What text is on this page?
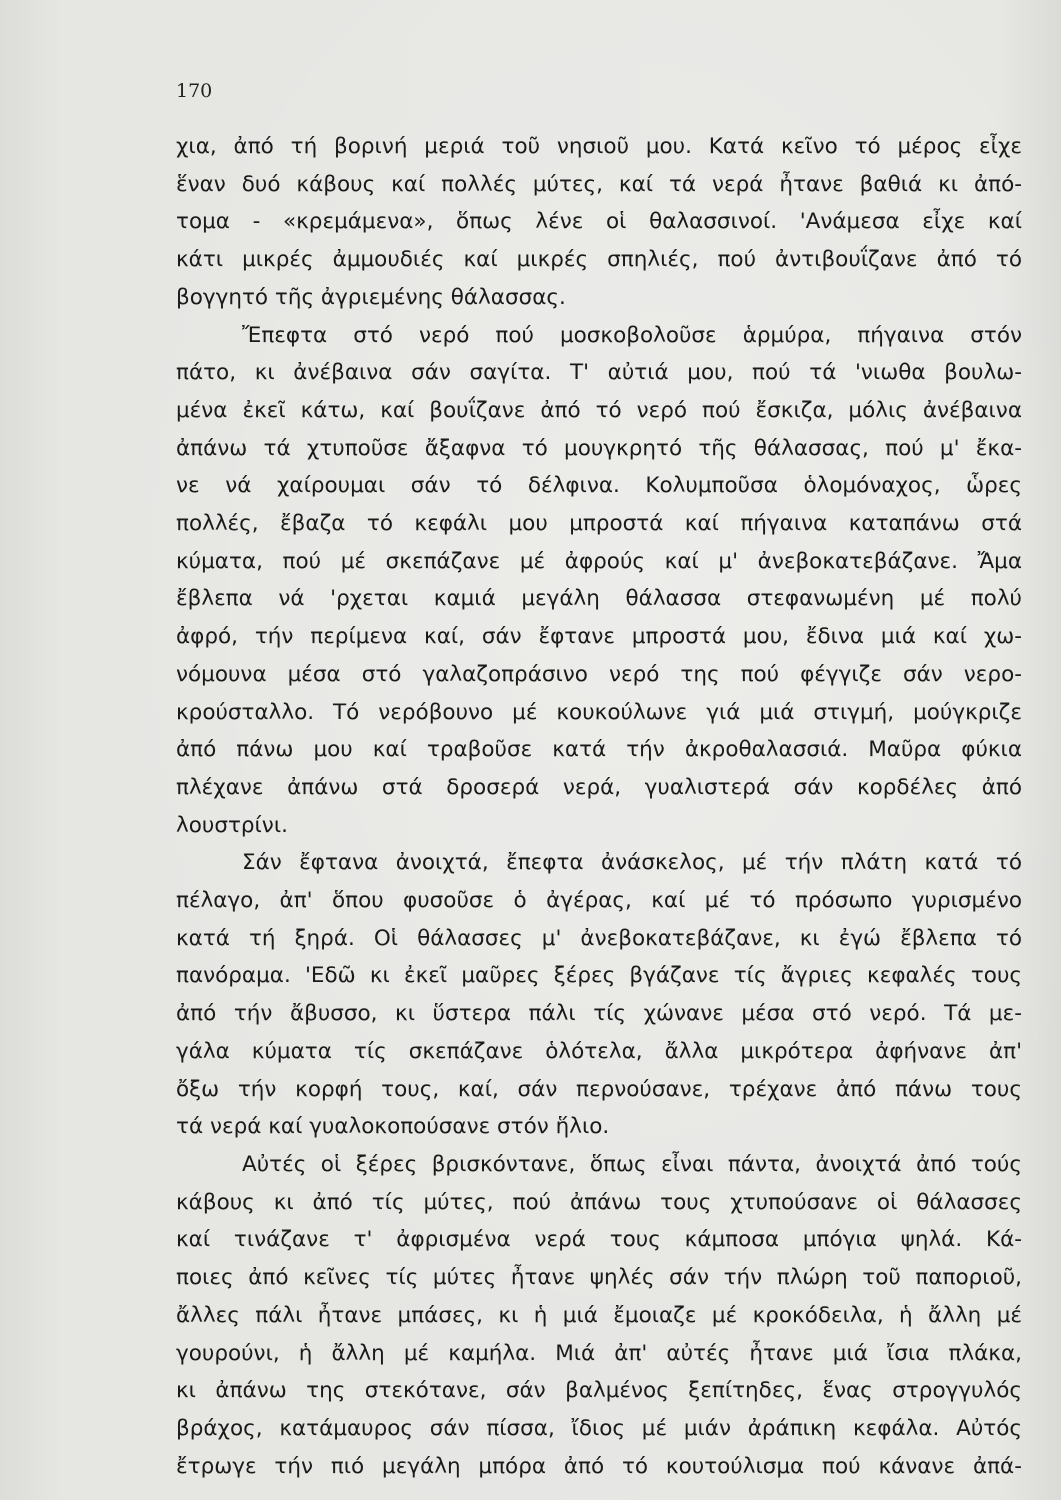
170

χια, ἀπό τή βορινή μεριά τοῦ νησιοῦ μου. Κατά κεῖνο τό μέρος εἶχε
ἕναν δυό κάβους καί πολλές μύτες, καί τά νερά ἦτανε βαθιά κι ἀπό-
τομα - «κρεμάμενα», ὅπως λένε οἱ θαλασσινοί. 'Ανάμεσα εἶχε καί
κάτι μικρές ἀμμουδιές καί μικρές σπηλιές, πού ἀντιβουΐζανε ἀπό τό
βογγητό τῆς ἀγριεμένης θάλασσας.

Ἔπεφτα στό νερό πού μοσκοβολοῦσε ἁρμύρα, πήγαινα στόν
πάτο, κι ἀνέβαινα σάν σαγίτα. Τ' αὐτιά μου, πού τά 'νιωθα βουλω-
μένα ἐκεῖ κάτω, καί βουΐζανε ἀπό τό νερό πού ἔσκιζα, μόλις ἀνέβαινα
ἀπάνω τά χτυποῦσε ἄξαφνα τό μουγκρητό τῆς θάλασσας, πού μ' ἔκα-
νε νά χαίρουμαι σάν τό δέλφινα. Κολυμποῦσα ὁλομόναχος, ὧρες
πολλές, ἔβαζα τό κεφάλι μου μπροστά καί πήγαινα καταπάνω στά
κύματα, πού μέ σκεπάζανε μέ ἀφρούς καί μ' ἀνεβοκατεβάζανε. Ἄμα
ἔβλεπα νά 'ρχεται καμιά μεγάλη θάλασσα στεφανωμένη μέ πολύ
ἀφρό, τήν περίμενα καί, σάν ἔφτανε μπροστά μου, ἔδινα μιά καί χω-
νόμουνα μέσα στό γαλαζοπράσινο νερό της πού φέγγιζε σάν νερο-
κρούσταλλο. Τό νερόβουνο μέ κουκούλωνε γιά μιά στιγμή, μούγκριζε
ἀπό πάνω μου καί τραβοῦσε κατά τήν ἀκροθαλασσιά. Μαῦρα φύκια
πλέχανε ἀπάνω στά δροσερά νερά, γυαλιστερά σάν κορδέλες ἀπό
λουστρίνι.

Σάν ἔφτανα ἀνοιχτά, ἔπεφτα ἀνάσκελος, μέ τήν πλάτη κατά τό
πέλαγο, ἀπ' ὅπου φυσοῦσε ὁ ἀγέρας, καί μέ τό πρόσωπο γυρισμένο
κατά τή ξηρά. Οἱ θάλασσες μ' ἀνεβοκατεβάζανε, κι ἐγώ ἔβλεπα τό
πανόραμα. 'Εδῶ κι ἐκεῖ μαῦρες ξέρες βγάζανε τίς ἄγριες κεφαλές τους
ἀπό τήν ἄβυσσο, κι ὕστερα πάλι τίς χώνανε μέσα στό νερό. Τά με-
γάλα κύματα τίς σκεπάζανε ὁλότελα, ἄλλα μικρότερα ἀφήνανε ἀπ'
ὄξω τήν κορφή τους, καί, σάν περνούσανε, τρέχανε ἀπό πάνω τους
τά νερά καί γυαλοκοπούσανε στόν ἥλιο.

Αὐτές οἱ ξέρες βρισκόντανε, ὅπως εἶναι πάντα, ἀνοιχτά ἀπό τούς
κάβους κι ἀπό τίς μύτες, πού ἀπάνω τους χτυπούσανε οἱ θάλασσες
καί τινάζανε τ' ἀφρισμένα νερά τους κάμποσα μπόγια ψηλά. Κά-
ποιες ἀπό κεῖνες τίς μύτες ἦτανε ψηλές σάν τήν πλώρη τοῦ παποριοῦ,
ἄλλες πάλι ἦτανε μπάσες, κι ἡ μιά ἔμοιαζε μέ κροκόδειλα, ἡ ἄλλη μέ
γουρούνι, ἡ ἄλλη μέ καμήλα. Μιά ἀπ' αὐτές ἦτανε μιά ἴσια πλάκα,
κι ἀπάνω της στεκότανε, σάν βαλμένος ξεπίτηδες, ἕνας στρογγυλός
βράχος, κατάμαυρος σάν πίσσα, ἴδιος μέ μιάν ἀράπικη κεφάλα. Αὐτός
ἔτρωγε τήν πιό μεγάλη μπόρα ἀπό τό κουτούλισμα πού κάνανε ἀπά-
